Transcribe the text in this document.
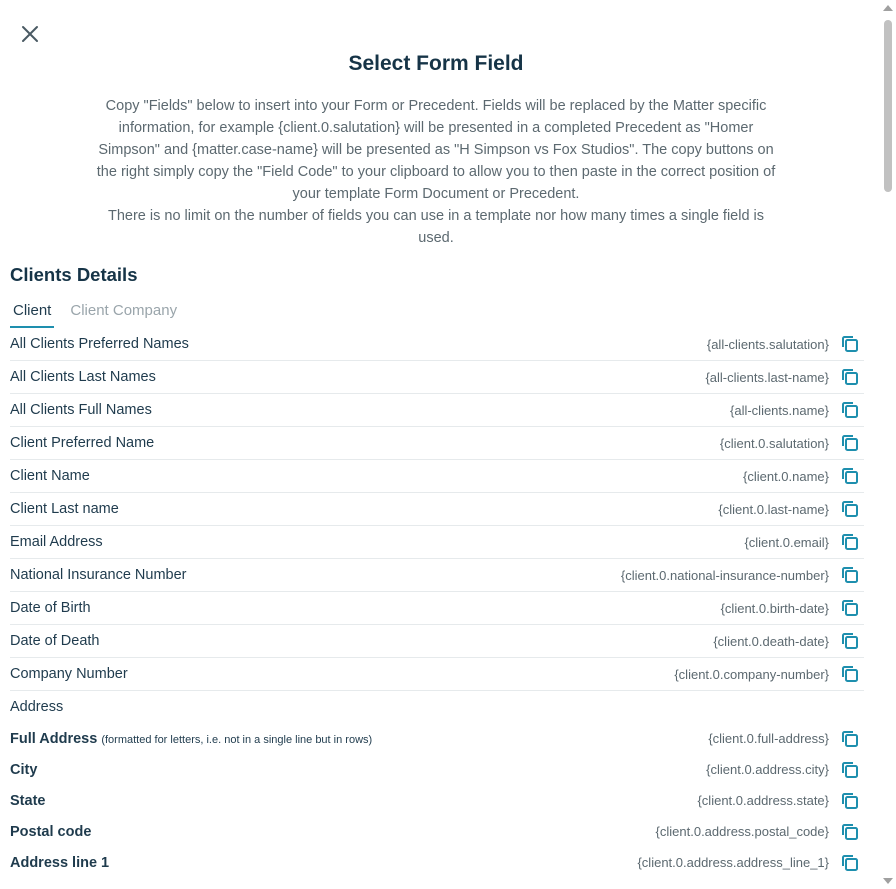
Select Form Field

Copy "Fields" below to insert into your Form or Precedent. Fields will be replaced by the Matter specific information, for example {client.0.salutation} will be presented in a completed Precedent as "Homer Simpson" and {matter.case-name} will be presented as "H Simpson vs Fox Studios". The copy buttons on the right simply copy the "Field Code" to your clipboard to allow you to then paste in the correct position of your template Form Document or Precedent.

There is no limit on the number of fields you can use in a template nor how many times a single field is used.

Clients Details
Client Client Company
All Clients Preferred Names	{all-clients.salutation}
All Clients Last Names	{all-clients.last-name}
All Clients Full Names	{all-clients.name}
Client Preferred Name	{client.0.salutation}
Client Name	{client.0.name}
Client Last name	{client.0.last-name}
Email Address	{client.0.email}
National Insurance Number	{client.0.national-insurance-number}
Date of Birth	{client.0.birth-date}
Date of Death	{client.0.death-date}
Company Number	{client.0.company-number}
Address
Full Address (formatted for letters, i.e. not in a single line but in rows)	{client.0.full-address}
City	{client.0.address.city}
State	{client.0.address.state}
Postal code	{client.0.address.postal_code}
Address line 1	{client.0.address.address_line_1}
